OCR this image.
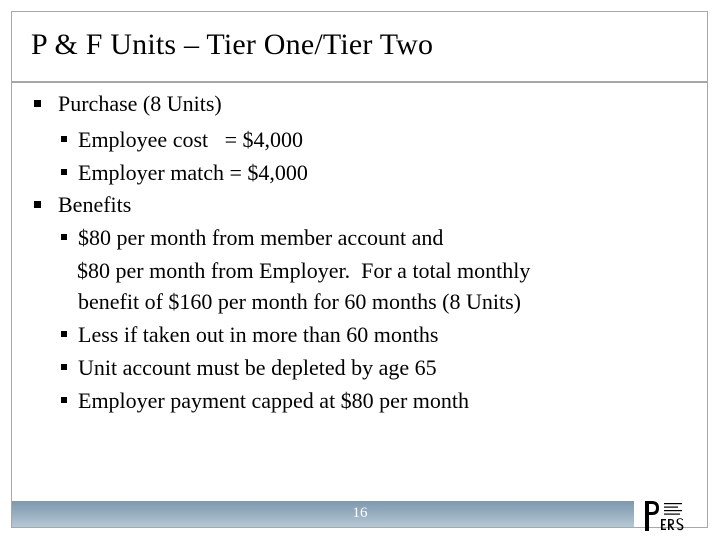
P & F Units – Tier One/Tier Two
Purchase (8 Units)
Employee cost   = $4,000
Employer match = $4,000
Benefits
$80 per month from member account and
$80 per month from Employer.  For a total monthly
benefit of $160 per month for 60 months (8 Units)
Less if taken out in more than 60 months
Unit account must be depleted by age 65
Employer payment capped at $80 per month
16
PERS
